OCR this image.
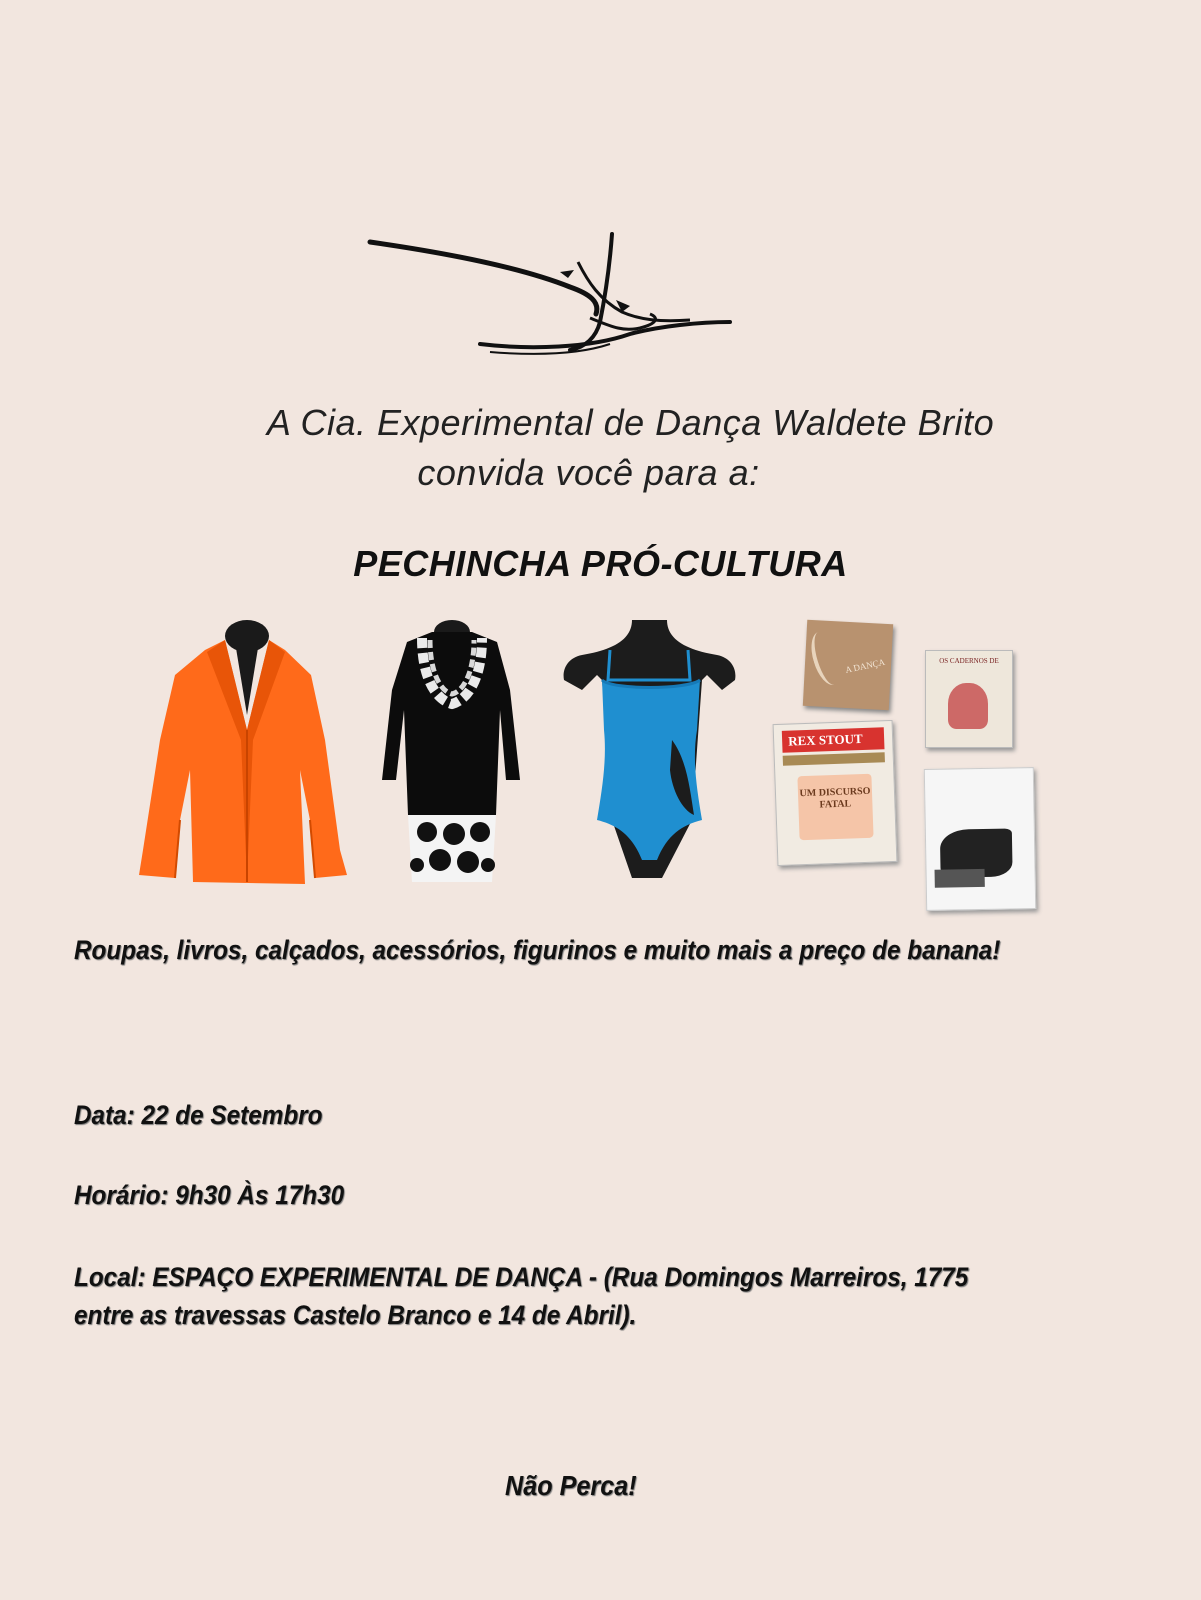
A Cia. Experimental de Dança Waldete Brito
convida você para a:
PECHINCHA PRÓ-CULTURA
A DANÇA	OS CADERNOS DE
REX STOUT
UM DISCURSO FATAL
Roupas, livros, calçados, acessórios, figurinos e muito mais a preço de banana!
Data: 22 de Setembro
Horário: 9h30 Às 17h30
Local: ESPAÇO EXPERIMENTAL DE DANÇA - (Rua Domingos Marreiros, 1775
entre as travessas Castelo Branco e 14 de Abril).
Não Perca!
